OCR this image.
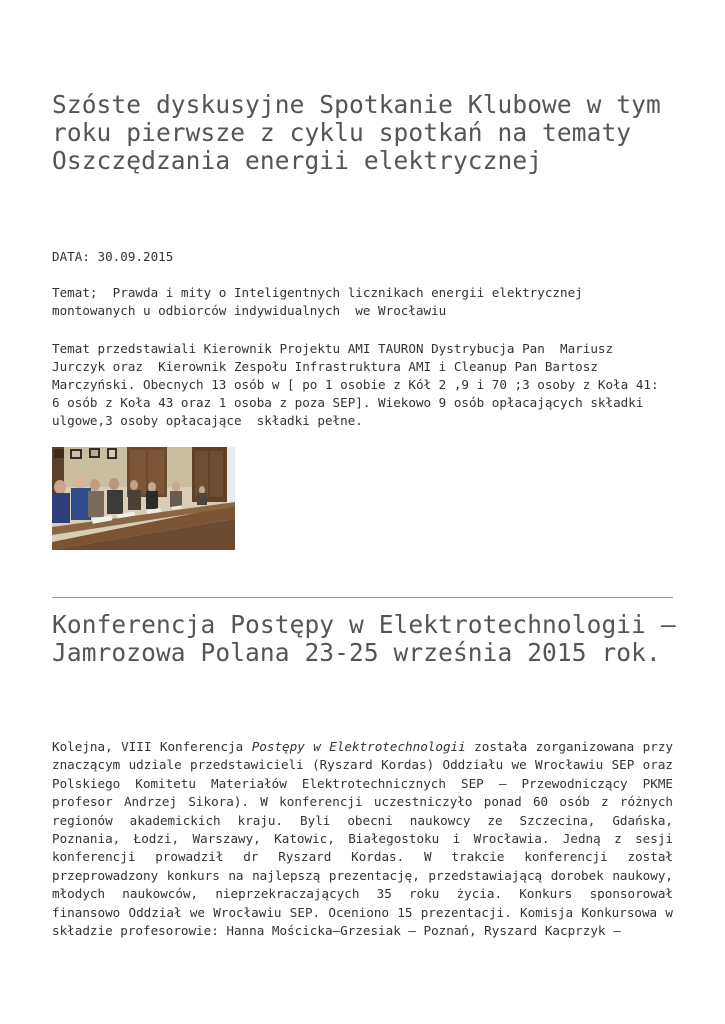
Szóste dyskusyjne Spotkanie Klubowe w tym roku pierwsze z cyklu spotkań na tematy Oszczędzania energii elektrycznej

DATA: 30.09.2015

Temat;  Prawda i mity o Inteligentnych licznikach energii elektrycznej montowanych u odbiorców indywidualnych  we Wrocławiu

Temat przedstawiali Kierownik Projektu AMI TAURON Dystrybucja Pan  Mariusz Jurczyk oraz  Kierownik Zespołu Infrastruktura AMI i Cleanup Pan Bartosz Marczyński. Obecnych 13 osób w [ po 1 osobie z Kół 2 ,9 i 70 ;3 osoby z Koła 41: 6 osób z Koła 43 oraz 1 osoba z poza SEP]. Wiekowo 9 osób opłacających składki ulgowe,3 osoby opłacające  składki pełne.

Konferencja Postępy w Elektrotechnologii – Jamrozowa Polana 23-25 września 2015 rok.

Kolejna, VIII Konferencja Postępy w Elektrotechnologii została zorganizowana przy znaczącym udziale przedstawicieli (Ryszard Kordas) Oddziału we Wrocławiu SEP oraz Polskiego Komitetu Materiałów Elektrotechnicznych SEP – Przewodniczący PKME profesor Andrzej Sikora). W konferencji uczestniczyło ponad 60 osób z różnych regionów akademickich kraju. Byli obecni naukowcy ze Szczecina, Gdańska, Poznania, Łodzi, Warszawy, Katowic, Białegostoku i Wrocławia. Jedną z sesji konferencji prowadził dr Ryszard Kordas. W trakcie konferencji został przeprowadzony konkurs na najlepszą prezentację, przedstawiającą dorobek naukowy, młodych naukowców, nieprzekraczających 35 roku życia. Konkurs sponsorował finansowo Oddział we Wrocławiu SEP. Oceniono 15 prezentacji. Komisja Konkursowa w składzie profesorowie: Hanna Mościcka–Grzesiak – Poznań, Ryszard Kacprzyk –
